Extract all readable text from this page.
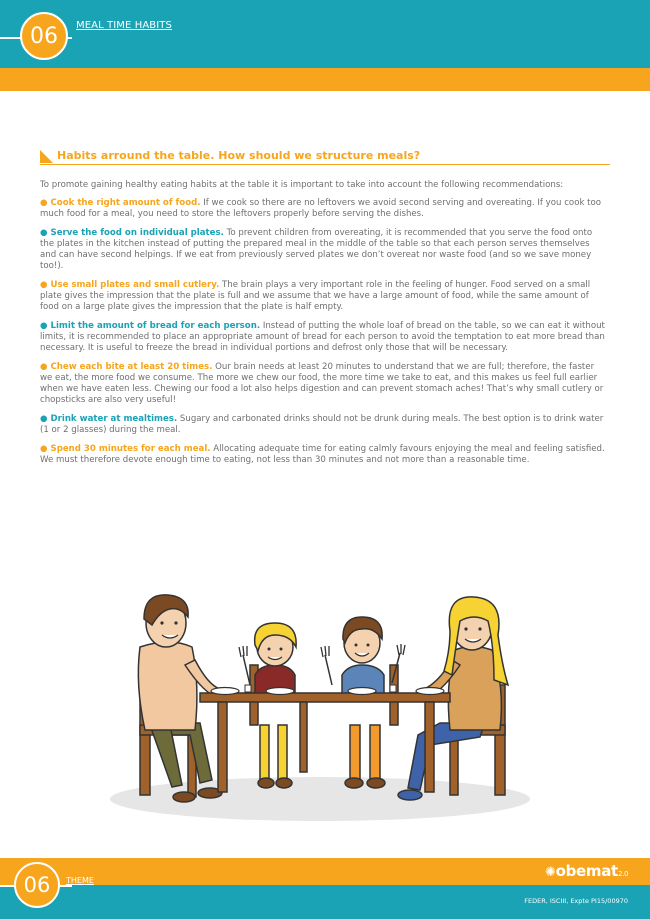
06	MEAL TIME HABITS
Habits arround the table. How should we structure meals?

To promote gaining healthy eating habits at the table it is important to take into account the following recommendations:

● Cook the right amount of food. If we cook so there are no leftovers we avoid second serving and overeating. If you cook too much food for a meal, you need to store the leftovers properly before serving the dishes.

● Serve the food on individual plates. To prevent children from overeating, it is recommended that you serve the food onto the plates in the kitchen instead of putting the prepared meal in the middle of the table so that each person serves themselves and can have second helpings. If we eat from previously served plates we don’t overeat nor waste food (and so we save money too!).

● Use small plates and small cutlery. The brain plays a very important role in the feeling of hunger. Food served on a small plate gives the impression that the plate is full and we assume that we have a large amount of food, while the same amount of food on a large plate gives the impression that the plate is half empty.

● Limit the amount of bread for each person. Instead of putting the whole loaf of bread on the table, so we can eat it without limits, it is recommended to place an appropriate amount of bread for each person to avoid the temptation to eat more bread than necessary. It is useful to freeze the bread in individual portions and defrost only those that will be necessary.

● Chew each bite at least 20 times. Our brain needs at least 20 minutes to understand that we are full; therefore, the faster we eat, the more food we consume. The more we chew our food, the more time we take to eat, and this makes us feel full earlier when we have eaten less. Chewing our food a lot also helps digestion and can prevent stomach aches! That’s why small cutlery or chopsticks are also very useful!

● Drink water at mealtimes. Sugary and carbonated drinks should not be drunk during meals. The best option is to drink water (1 or 2 glasses) during the meal.

● Spend 30 minutes for each meal. Allocating adequate time for eating calmly favours enjoying the meal and feeling satisfied. We must therefore devote enough time to eating, not less than 30 minutes and not more than a reasonable time.

06	THEME
✺obemat2.0
FEDER, ISCIII, Expte PI15/00970
